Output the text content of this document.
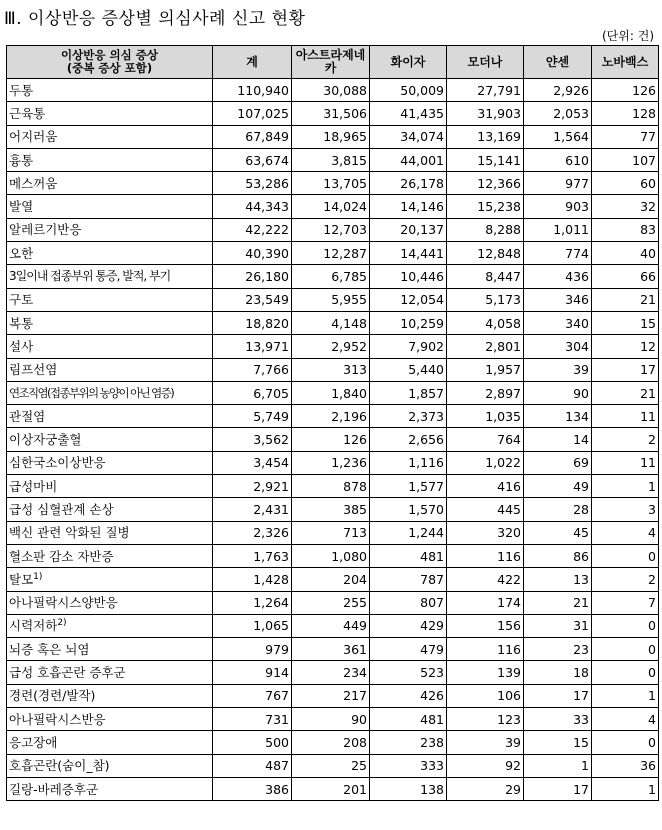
Ⅲ. 이상반응 증상별 의심사례 신고 현황
(단위: 건)
이상반응 의심 증상
(중복 증상 포함)	계	아스트라제네카	화이자	모더나	얀센	노바백스
두통	110,940	30,088	50,009	27,791	2,926	126
근육통	107,025	31,506	41,435	31,903	2,053	128
어지러움	67,849	18,965	34,074	13,169	1,564	77
흉통	63,674	3,815	44,001	15,141	610	107
메스꺼움	53,286	13,705	26,178	12,366	977	60
발열	44,343	14,024	14,146	15,238	903	32
알레르기반응	42,222	12,703	20,137	8,288	1,011	83
오한	40,390	12,287	14,441	12,848	774	40
3일이내 접종부위 통증, 발적, 부기	26,180	6,785	10,446	8,447	436	66
구토	23,549	5,955	12,054	5,173	346	21
복통	18,820	4,148	10,259	4,058	340	15
설사	13,971	2,952	7,902	2,801	304	12
림프선염	7,766	313	5,440	1,957	39	17
연조직염(접종부위의 농양이 아닌 염증)	6,705	1,840	1,857	2,897	90	21
관절염	5,749	2,196	2,373	1,035	134	11
이상자궁출혈	3,562	126	2,656	764	14	2
심한국소이상반응	3,454	1,236	1,116	1,022	69	11
급성마비	2,921	878	1,577	416	49	1
급성 심혈관계 손상	2,431	385	1,570	445	28	3
백신 관련 악화된 질병	2,326	713	1,244	320	45	4
혈소판 감소 자반증	1,763	1,080	481	116	86	0
탈모$^{1)}$	1,428	204	787	422	13	2
아나필락시스양반응	1,264	255	807	174	21	7
시력저하$^{2)}$	1,065	449	429	156	31	0
뇌증 혹은 뇌염	979	361	479	116	23	0
급성 호흡곤란 증후군	914	234	523	139	18	0
경련(경련/발작)	767	217	426	106	17	1
아나필락시스반응	731	90	481	123	33	4
응고장애	500	208	238	39	15	0
호흡곤란(숨이_참)	487	25	333	92	1	36
길랑-바레증후군	386	201	138	29	17	1
